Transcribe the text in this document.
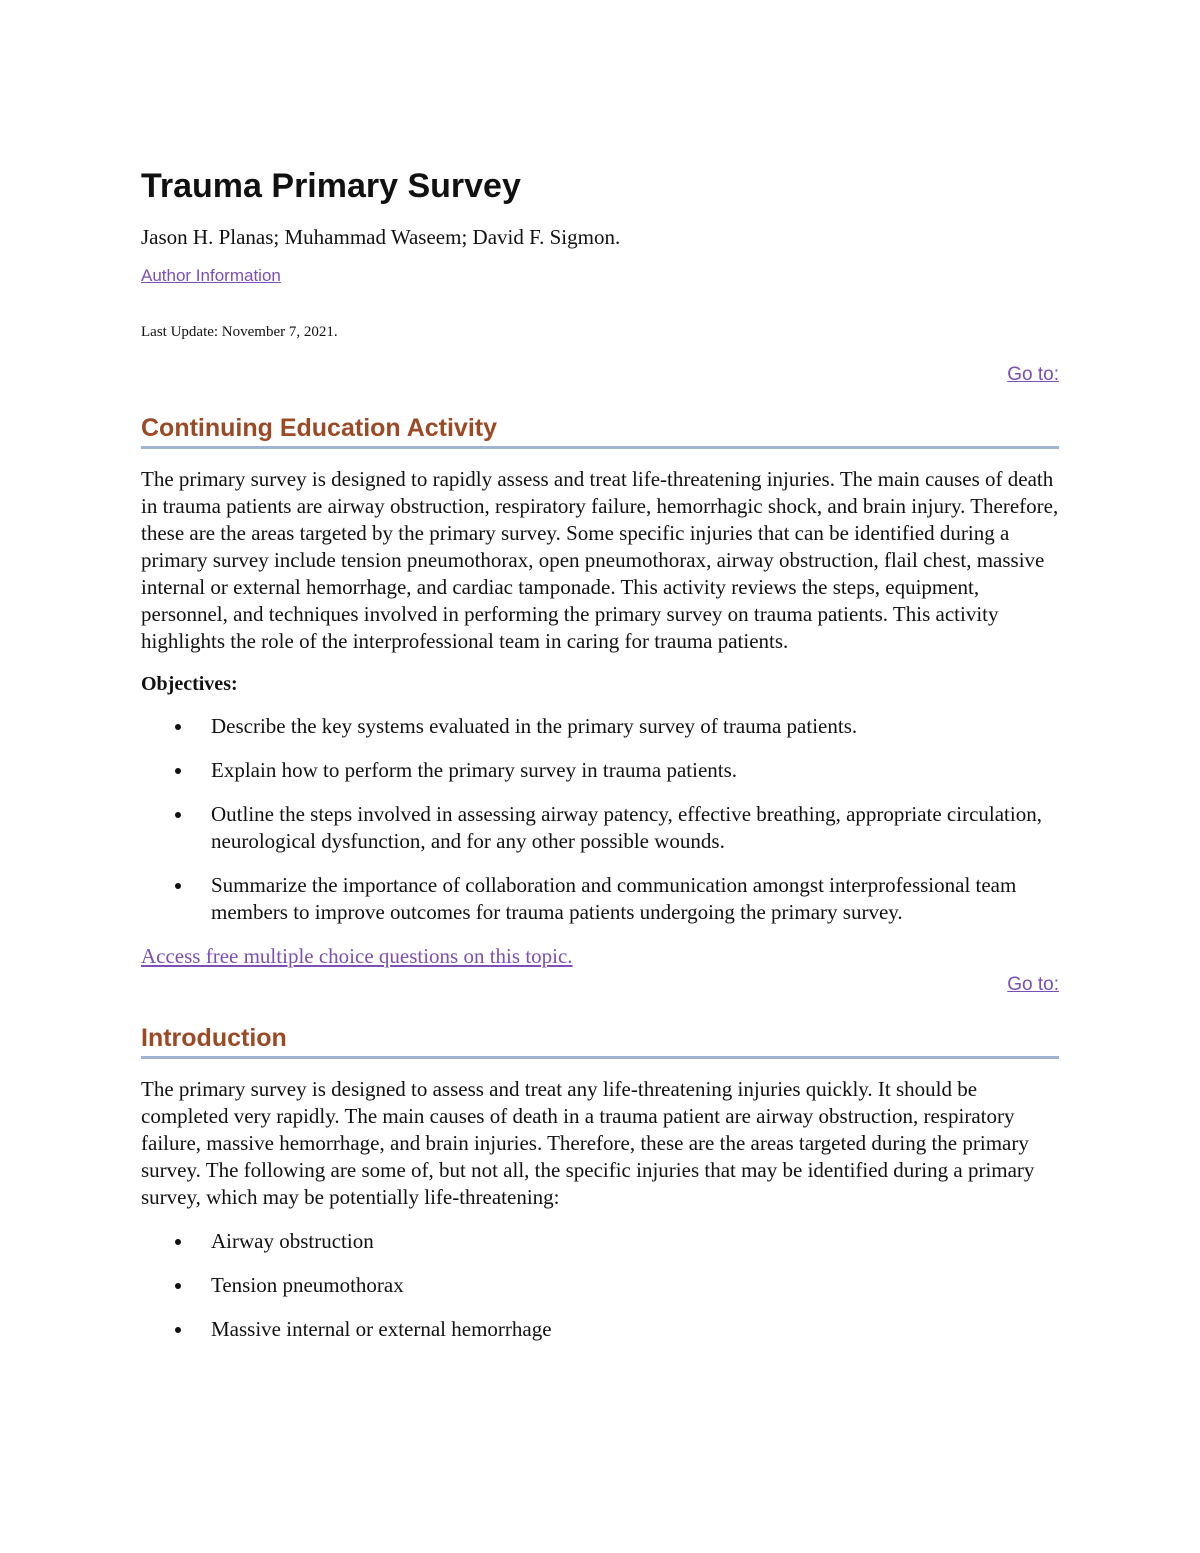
Trauma Primary Survey
Jason H. Planas; Muhammad Waseem; David F. Sigmon.
Author Information
Last Update: November 7, 2021.
Go to:
Continuing Education Activity

The primary survey is designed to rapidly assess and treat life-threatening injuries. The main causes of death in trauma patients are airway obstruction, respiratory failure, hemorrhagic shock, and brain injury. Therefore, these are the areas targeted by the primary survey. Some specific injuries that can be identified during a primary survey include tension pneumothorax, open pneumothorax, airway obstruction, flail chest, massive internal or external hemorrhage, and cardiac tamponade. This activity reviews the steps, equipment, personnel, and techniques involved in performing the primary survey on trauma patients. This activity highlights the role of the interprofessional team in caring for trauma patients.

Objectives:
Describe the key systems evaluated in the primary survey of trauma patients.
Explain how to perform the primary survey in trauma patients.
Outline the steps involved in assessing airway patency, effective breathing, appropriate circulation, neurological dysfunction, and for any other possible wounds.
Summarize the importance of collaboration and communication amongst interprofessional team members to improve outcomes for trauma patients undergoing the primary survey.
Access free multiple choice questions on this topic.
Go to:
Introduction

The primary survey is designed to assess and treat any life-threatening injuries quickly. It should be completed very rapidly. The main causes of death in a trauma patient are airway obstruction, respiratory failure, massive hemorrhage, and brain injuries. Therefore, these are the areas targeted during the primary survey. The following are some of, but not all, the specific injuries that may be identified during a primary survey, which may be potentially life-threatening:

Airway obstruction
Tension pneumothorax
Massive internal or external hemorrhage
